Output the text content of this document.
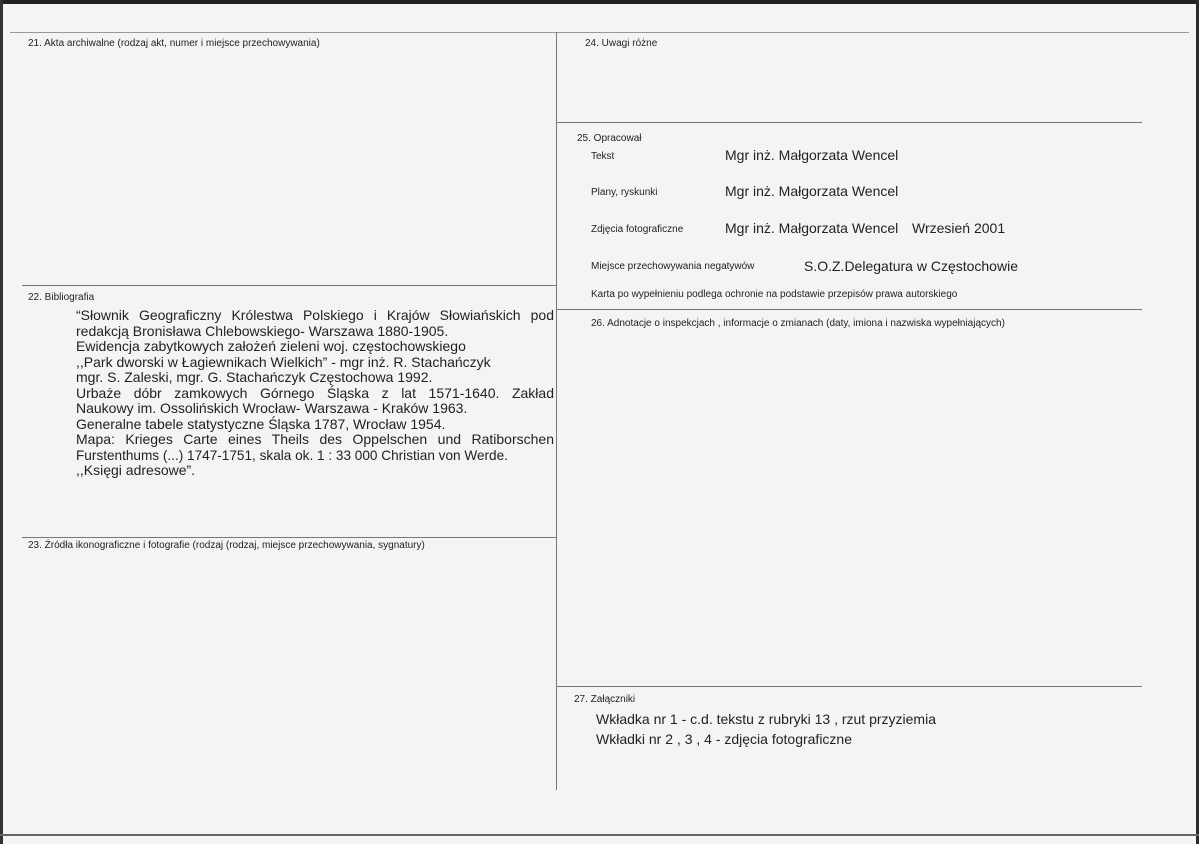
21. Akta archiwalne (rodzaj akt, numer i miejsce przechowywania)
22. Bibliografia
“Słownik Geograficzny Królestwa Polskiego i Krajów Słowiańskich pod
redakcją Bronisława Chlebowskiego- Warszawa 1880-1905.
Ewidencja zabytkowych założeń zieleni woj. częstochowskiego
,,Park dworski w Łagiewnikach Wielkich” - mgr inż. R. Stachańczyk
mgr. S. Zaleski, mgr. G. Stachańczyk Częstochowa 1992.
Urbaże dóbr zamkowych Górnego Śląska z lat 1571-1640. Zakład
Naukowy im. Ossolińskich Wrocław- Warszawa - Kraków 1963.
Generalne tabele statystyczne Śląska 1787, Wrocław 1954.
Mapa: Krieges Carte eines Theils des Oppelschen und Ratiborschen
Furstenthums (...) 1747-1751, skala ok. 1 : 33 000 Christian von Werde.
,,Księgi adresowe”.
23. Źródła ikonograficzne i fotografie (rodzaj (rodzaj, miejsce przechowywania, sygnatury)
24. Uwagi różne
25. Opracował
Tekst	Mgr inż. Małgorzata Wencel
Plany, ryskunki	Mgr inż. Małgorzata Wencel
Zdjęcia fotograficzne	Mgr inż. Małgorzata Wencel Wrzesień 2001
Miejsce przechowywania negatywów	S.O.Z.Delegatura w Częstochowie
Karta po wypełnieniu podlega ochronie na podstawie przepisów prawa autorskiego
26. Adnotacje o inspekcjach , informacje o zmianach (daty, imiona i nazwiska wypełniających)
27. Załączniki
Wkładka nr 1 - c.d. tekstu z rubryki 13 , rzut przyziemia
Wkładki nr 2 , 3 , 4 - zdjęcia fotograficzne
